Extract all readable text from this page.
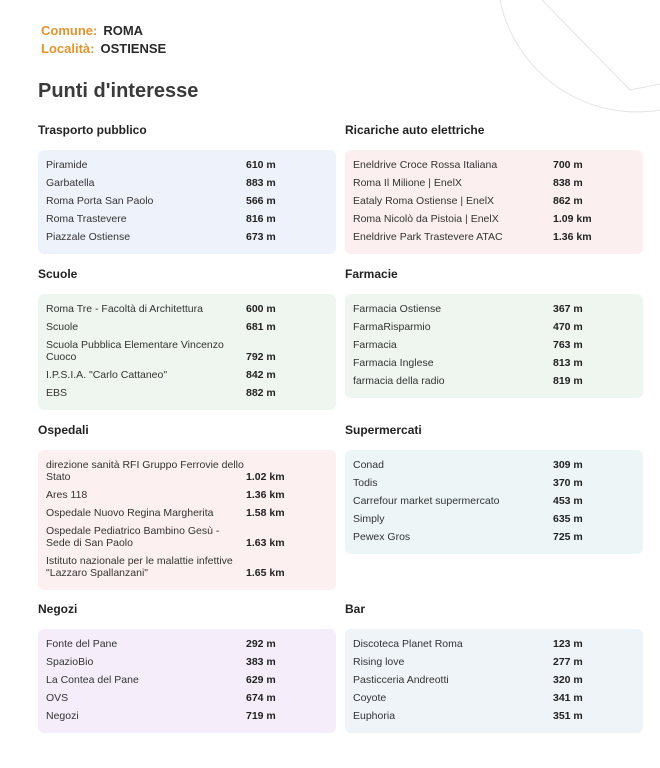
Comune: ROMA
Località: OSTIENSE
Punti d'interesse
Trasporto pubblico
Piramide	610 m
Garbatella	883 m
Roma Porta San Paolo	566 m
Roma Trastevere	816 m
Piazzale Ostiense	673 m
Ricariche auto elettriche
Eneldrive Croce Rossa Italiana	700 m
Roma Il Milione | EnelX	838 m
Eataly Roma Ostiense | EnelX	862 m
Roma Nicolò da Pistoia | EnelX	1.09 km
Eneldrive Park Trastevere ATAC	1.36 km
Scuole
Roma Tre - Facoltà di Architettura	600 m
Scuole	681 m
Scuola Pubblica Elementare Vincenzo Cuoco	792 m
I.P.S.I.A. "Carlo Cattaneo"	842 m
EBS	882 m
Farmacie
Farmacia Ostiense	367 m
FarmaRisparmio	470 m
Farmacia	763 m
Farmacia Inglese	813 m
farmacia della radio	819 m
Ospedali
direzione sanità RFI Gruppo Ferrovie dello Stato	1.02 km
Ares 118	1.36 km
Ospedale Nuovo Regina Margherita	1.58 km
Ospedale Pediatrico Bambino Gesù - Sede di San Paolo	1.63 km
Istituto nazionale per le malattie infettive "Lazzaro Spallanzani"	1.65 km
Supermercati
Conad	309 m
Todis	370 m
Carrefour market supermercato	453 m
Simply	635 m
Pewex Gros	725 m
Negozi
Fonte del Pane	292 m
SpazioBio	383 m
La Contea del Pane	629 m
OVS	674 m
Negozi	719 m
Bar
Discoteca Planet Roma	123 m
Rising love	277 m
Pasticceria Andreotti	320 m
Coyote	341 m
Euphoria	351 m
